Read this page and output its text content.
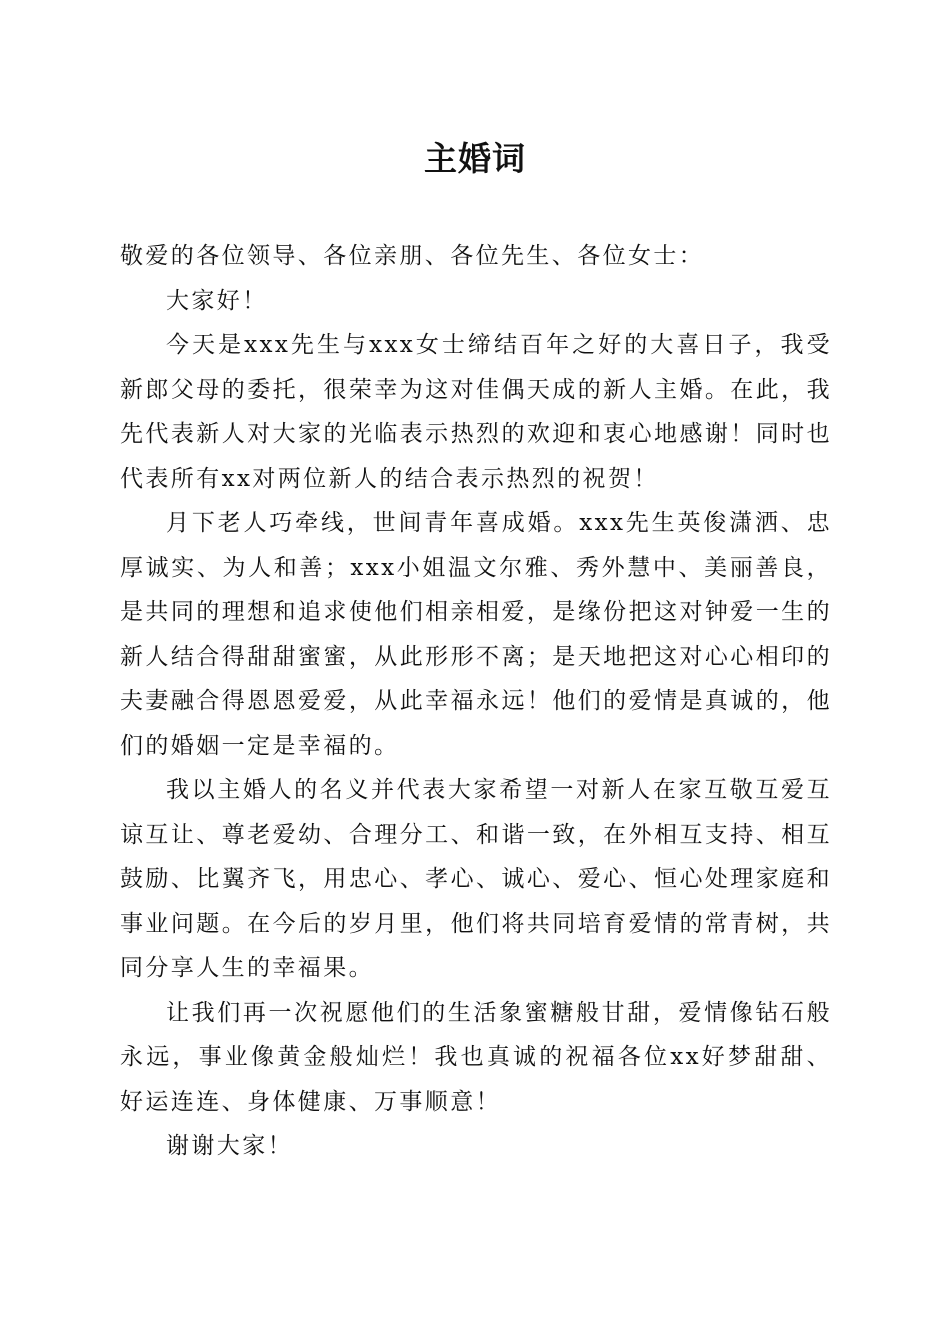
主婚词

敬爱的各位领导、各位亲朋、各位先生、各位女士：

大家好！

今天是xxx先生与xxx女士缔结百年之好的大喜日子，我受新郎父母的委托，很荣幸为这对佳偶天成的新人主婚。在此，我先代表新人对大家的光临表示热烈的欢迎和衷心地感谢！同时也代表所有xx对两位新人的结合表示热烈的祝贺！

月下老人巧牵线，世间青年喜成婚。xxx先生英俊潇洒、忠厚诚实、为人和善；xxx小姐温文尔雅、秀外慧中、美丽善良，是共同的理想和追求使他们相亲相爱，是缘份把这对钟爱一生的新人结合得甜甜蜜蜜，从此形形不离；是天地把这对心心相印的夫妻融合得恩恩爱爱，从此幸福永远！他们的爱情是真诚的，他们的婚姻一定是幸福的。

我以主婚人的名义并代表大家希望一对新人在家互敬互爱互谅互让、尊老爱幼、合理分工、和谐一致，在外相互支持、相互鼓励、比翼齐飞，用忠心、孝心、诚心、爱心、恒心处理家庭和事业问题。在今后的岁月里，他们将共同培育爱情的常青树，共同分享人生的幸福果。

让我们再一次祝愿他们的生活象蜜糖般甘甜，爱情像钻石般永远，事业像黄金般灿烂！我也真诚的祝福各位xx好梦甜甜、好运连连、身体健康、万事顺意！

谢谢大家！
